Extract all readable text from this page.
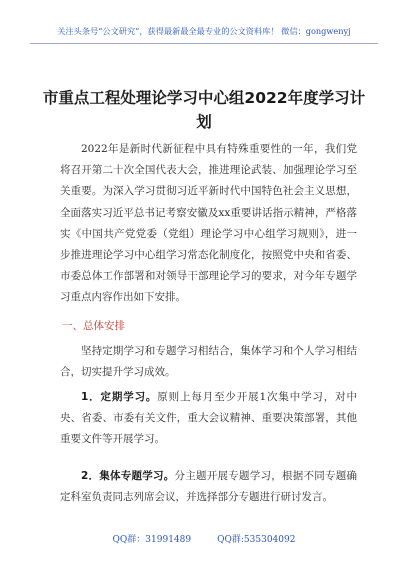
关注头条号“公文研究”，获得最新最全最专业的公文资料库！ 微信：gongwenyj
市重点工程处理论学习中心组2022年度学习计划
2022年是新时代新征程中具有特殊重要性的一年，我们党将召开第二十次全国代表大会，推进理论武装、加强理论学习至关重要。为深入学习贯彻习近平新时代中国特色社会主义思想，全面落实习近平总书记考察安徽及xx重要讲话指示精神，严格落实《中国共产党党委（党组）理论学习中心组学习规则》，进一步推进理论学习中心组学习常态化制度化，按照党中央和省委、市委总体工作部署和对领导干部理论学习的要求，对今年专题学习重点内容作出如下安排。
一、总体安排
坚持定期学习和专题学习相结合，集体学习和个人学习相结合，切实提升学习成效。
1．定期学习。原则上每月至少开展1次集中学习，对中央、省委、市委有关文件，重大会议精神、重要决策部署，其他重要文件等开展学习。
2．集体专题学习。分主题开展专题学习，根据不同专题确定科室负责同志列席会议，并选择部分专题进行研讨发言。
QQ群：31991489	QQ群:535304092
